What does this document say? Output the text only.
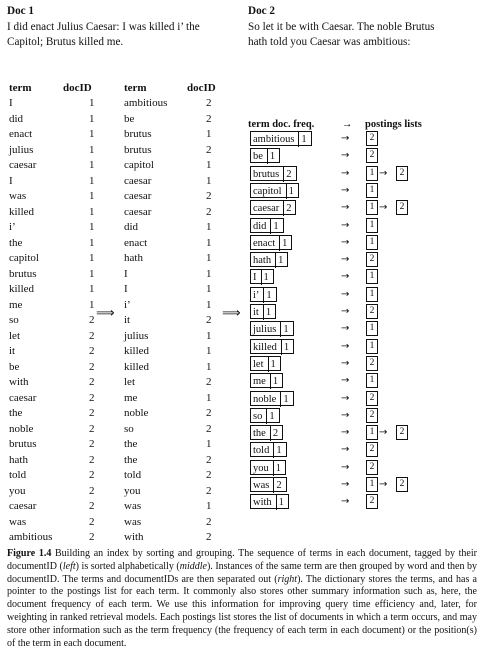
Doc 1
I did enact Julius Caesar: I was killed i’ the Capitol; Brutus killed me.
Doc 2
So let it be with Caesar. The noble Brutus hath told you Caesar was ambitious:
term	docID
I	1
did	1
enact	1
julius	1
caesar	1
I	1
was	1
killed	1
i’	1
the	1
capitol	1
brutus	1
killed	1
me	1
so	2
let	2
it	2
be	2
with	2
caesar	2
the	2
noble	2
brutus	2
hath	2
told	2
you	2
caesar	2
was	2
ambitious	2
term	docID
ambitious	2
be	2
brutus	1
brutus	2
capitol	1
caesar	1
caesar	2
caesar	2
did	1
enact	1
hath	1
I	1
I	1
i’	1
it	2
julius	1
killed	1
killed	1
let	2
me	1
noble	2
so	2
the	1
the	2
told	2
you	2
was	1
was	2
with	2
⟹	⟹
term doc. freq.	→ postings lists
ambitious 1	→	2
be 1	→	2
brutus 2	→	1 →	2
capitol 1	→	1
caesar 2	→	1 →	2
did 1	→	1
enact 1	→	1
hath 1	→	2
I 1	→	1
i’ 1	→	1
it 1	→	2
julius 1	→	1
killed 1	→	1
let 1	→	2
me 1	→	1
noble 1	→	2
so 1	→	2
the 2	→	1 →	2
told 1	→	2
you 1	→	2
was 2	→	1 →	2
with 1	→	2
Figure 1.4 Building an index by sorting and grouping. The sequence of terms in each document, tagged by their documentID (left) is sorted alphabetically (middle). Instances of the same term are then grouped by word and then by documentID. The terms and documentIDs are then separated out (right). The dictionary stores the terms, and has a pointer to the postings list for each term. It commonly also stores other summary information such as, here, the document frequency of each term. We use this information for improving query time efficiency and, later, for weighting in ranked retrieval models. Each postings list stores the list of documents in which a term occurs, and may store other information such as the term frequency (the frequency of each term in each document) or the position(s) of the term in each document.
